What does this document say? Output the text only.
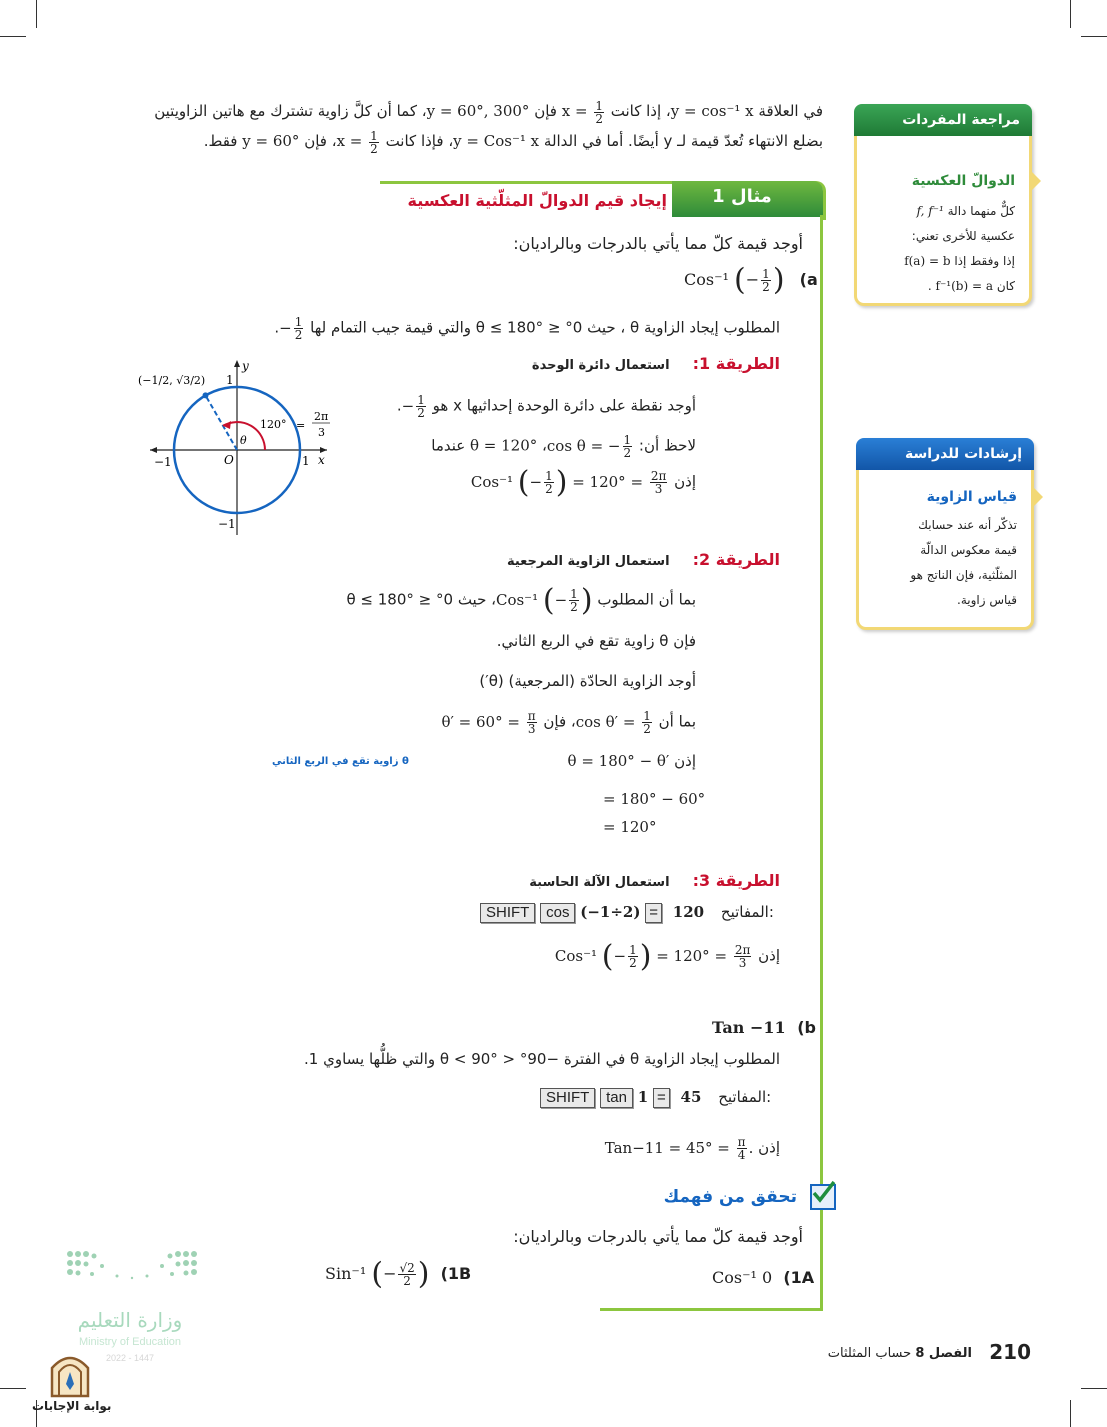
في العلاقة y = cos⁻¹ x، إذا كانت $x = \frac{1}{2}$
فإن y = 60°, 300°، كما أن كلَّ زاوية تشترك مع هاتين الزاويتين
بضلع الانتهاء تُعدّ قيمة لـ y أيضًا. أما في الدالة y = Cos⁻¹ x، فإذا كانت $x = \frac{1}{2}$
، فإن y = 60° فقط.
مثال 1
إيجاد قيم الدوالّ المثلّثية العكسية
أوجد قيمة كلّ مما يأتي بالدرجات وبالراديان:
Cos⁻¹ (− $\frac{1}{2}$ ) (a
المطلوب إيجاد الزاوية θ ، حيث 0° ≤ θ ≤ 180° والتي قيمة جيب التمام لها − $\frac{1}{2}$
.
الطريقة 1: استعمال دائرة الوحدة
أوجد نقطة على دائرة الوحدة إحداثيها x هو − $\frac{1}{2}$
.
لاحظ أن: cos θ = − $\frac{1}{2}$
، عندما θ = 120°
إذن Cos⁻¹ (− $\frac{1}{2}$ ) = $120^\circ = \frac{2\pi}{3}$
θ
120° =
2π
3
O	1 x
−1
1
y
−1
(−1/2, √3/2)
الطريقة 2: استعمال الزاوية المرجعية
بما أن المطلوب Cos⁻¹ (− $\frac{1}{2}$ )، حيث 0° ≤ θ ≤ 180°
فإن θ زاوية تقع في الربع الثاني.
أوجد الزاوية الحادّة (المرجعية) (θ′)
بما أن $\cos \theta' = \frac{1}{2}$
، فإن $\theta' = 60^\circ = \frac{\pi}{3}$
إذن θ = 180° − θ′
= 180° − 60°
= 120°
θ زاوية تقع في الربع الثاني
الطريقة 3: استعمال الآلة الحاسبة
SHIFT cos (−1÷2) = 120 المفاتيح:
إذن Cos⁻¹ (− $\frac{1}{2}$ ) = $120^\circ = \frac{2\pi}{3}$
Tan −11 (b
المطلوب إيجاد الزاوية θ في الفترة −90° < θ < 90° والتي ظلُّها يساوي 1.
SHIFT tan 1 = 45 المفاتيح:
إذن $Tan-11 = 45^\circ = \frac{\pi}{4}$ .
تحقق من فهمك
أوجد قيمة كلّ مما يأتي بالدرجات وبالراديان:
Cos⁻¹ 0 (1A
Sin⁻¹ (− $\frac{√2}{2}$ ) (1B
مراجعة المفردات
الدوالّ العكسية
كلٌّ منهما دالة f, f⁻¹
عكسية للأخرى تعني:
إذا وفقط إذا f(a) = b
كان . f⁻¹(b) = a
إرشادات للدراسة
قياس الزاوية
تذكّر أنه عند حسابك
قيمة معكوس الدالّة
المثلّثية، فإن الناتج هو
قياس زاوية.
210
الفصل 8 حساب المثلثات
وزارة التعليم
Ministry of Education
2022 - 1447
بوابة الإجابات
